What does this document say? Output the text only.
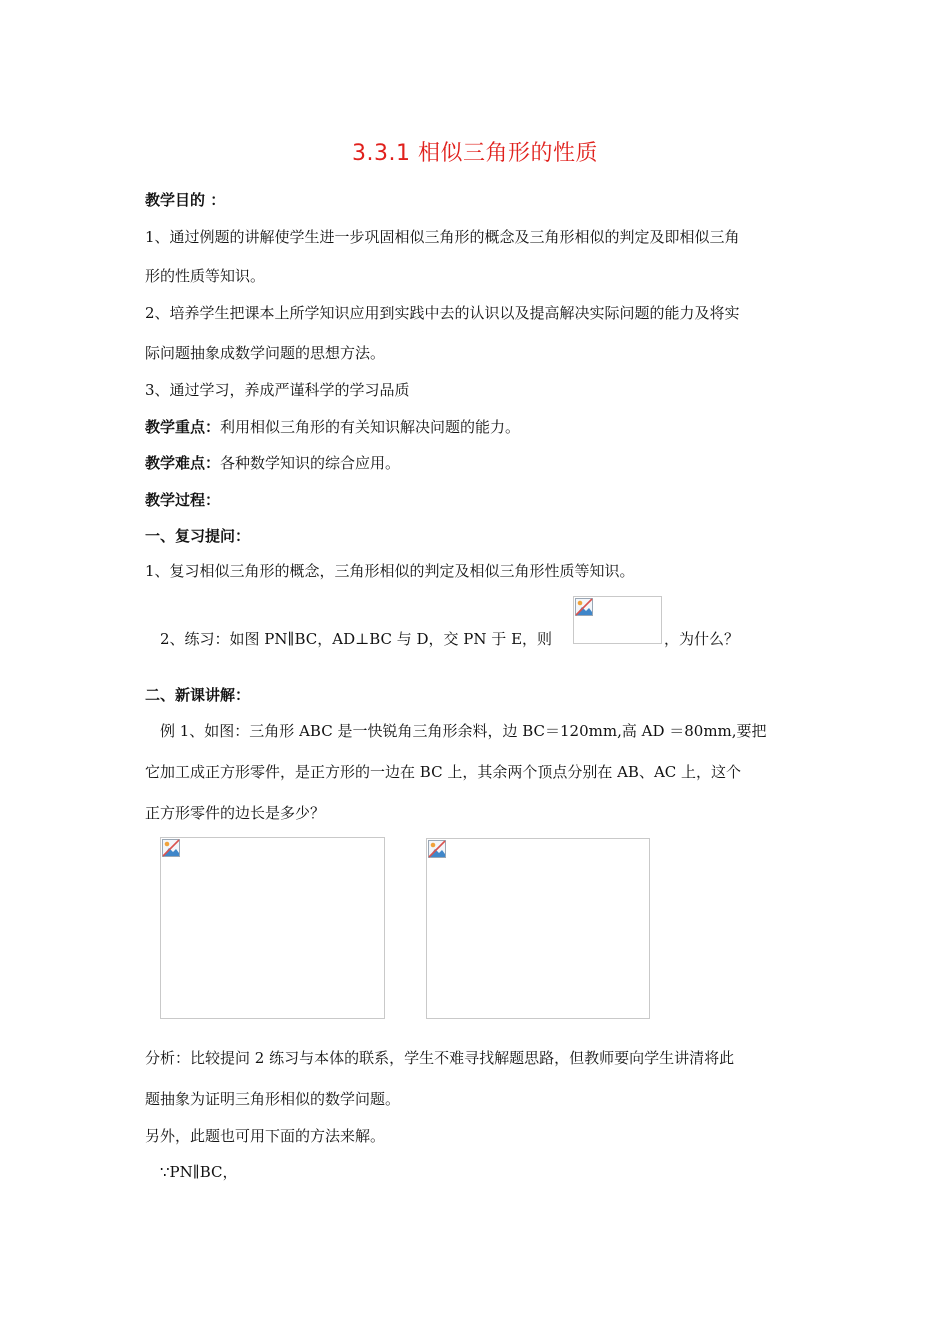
3.3.1 相似三角形的性质
教学目的 ：
1、通过例题的讲解使学生进一步巩固相似三角形的概念及三角形相似的判定及即相似三角
形的性质等知识。
2、培养学生把课本上所学知识应用到实践中去的认识以及提高解决实际问题的能力及将实
际问题抽象成数学问题的思想方法。
3、通过学习，养成严谨科学的学习品质
教学重点：利用相似三角形的有关知识解决问题的能力。
教学难点：各种数学知识的综合应用。
教学过程：
一、复习提问：
1、复习相似三角形的概念，三角形相似的判定及相似三角形性质等知识。
2、练习：如图 PN∥BC，AD⊥BC 与 D，交 PN 于 E，则	，为什么？
二、新课讲解：
例 1、如图：三角形 ABC 是一快锐角三角形余料，边 BC＝120mm,高 AD ＝80mm,要把
它加工成正方形零件，是正方形的一边在 BC 上，其余两个顶点分别在 AB、AC 上，这个
正方形零件的边长是多少？
分析：比较提问 2 练习与本体的联系，学生不难寻找解题思路，但教师要向学生讲清将此
题抽象为证明三角形相似的数学问题。
另外，此题也可用下面的方法来解。
∵PN∥BC，
